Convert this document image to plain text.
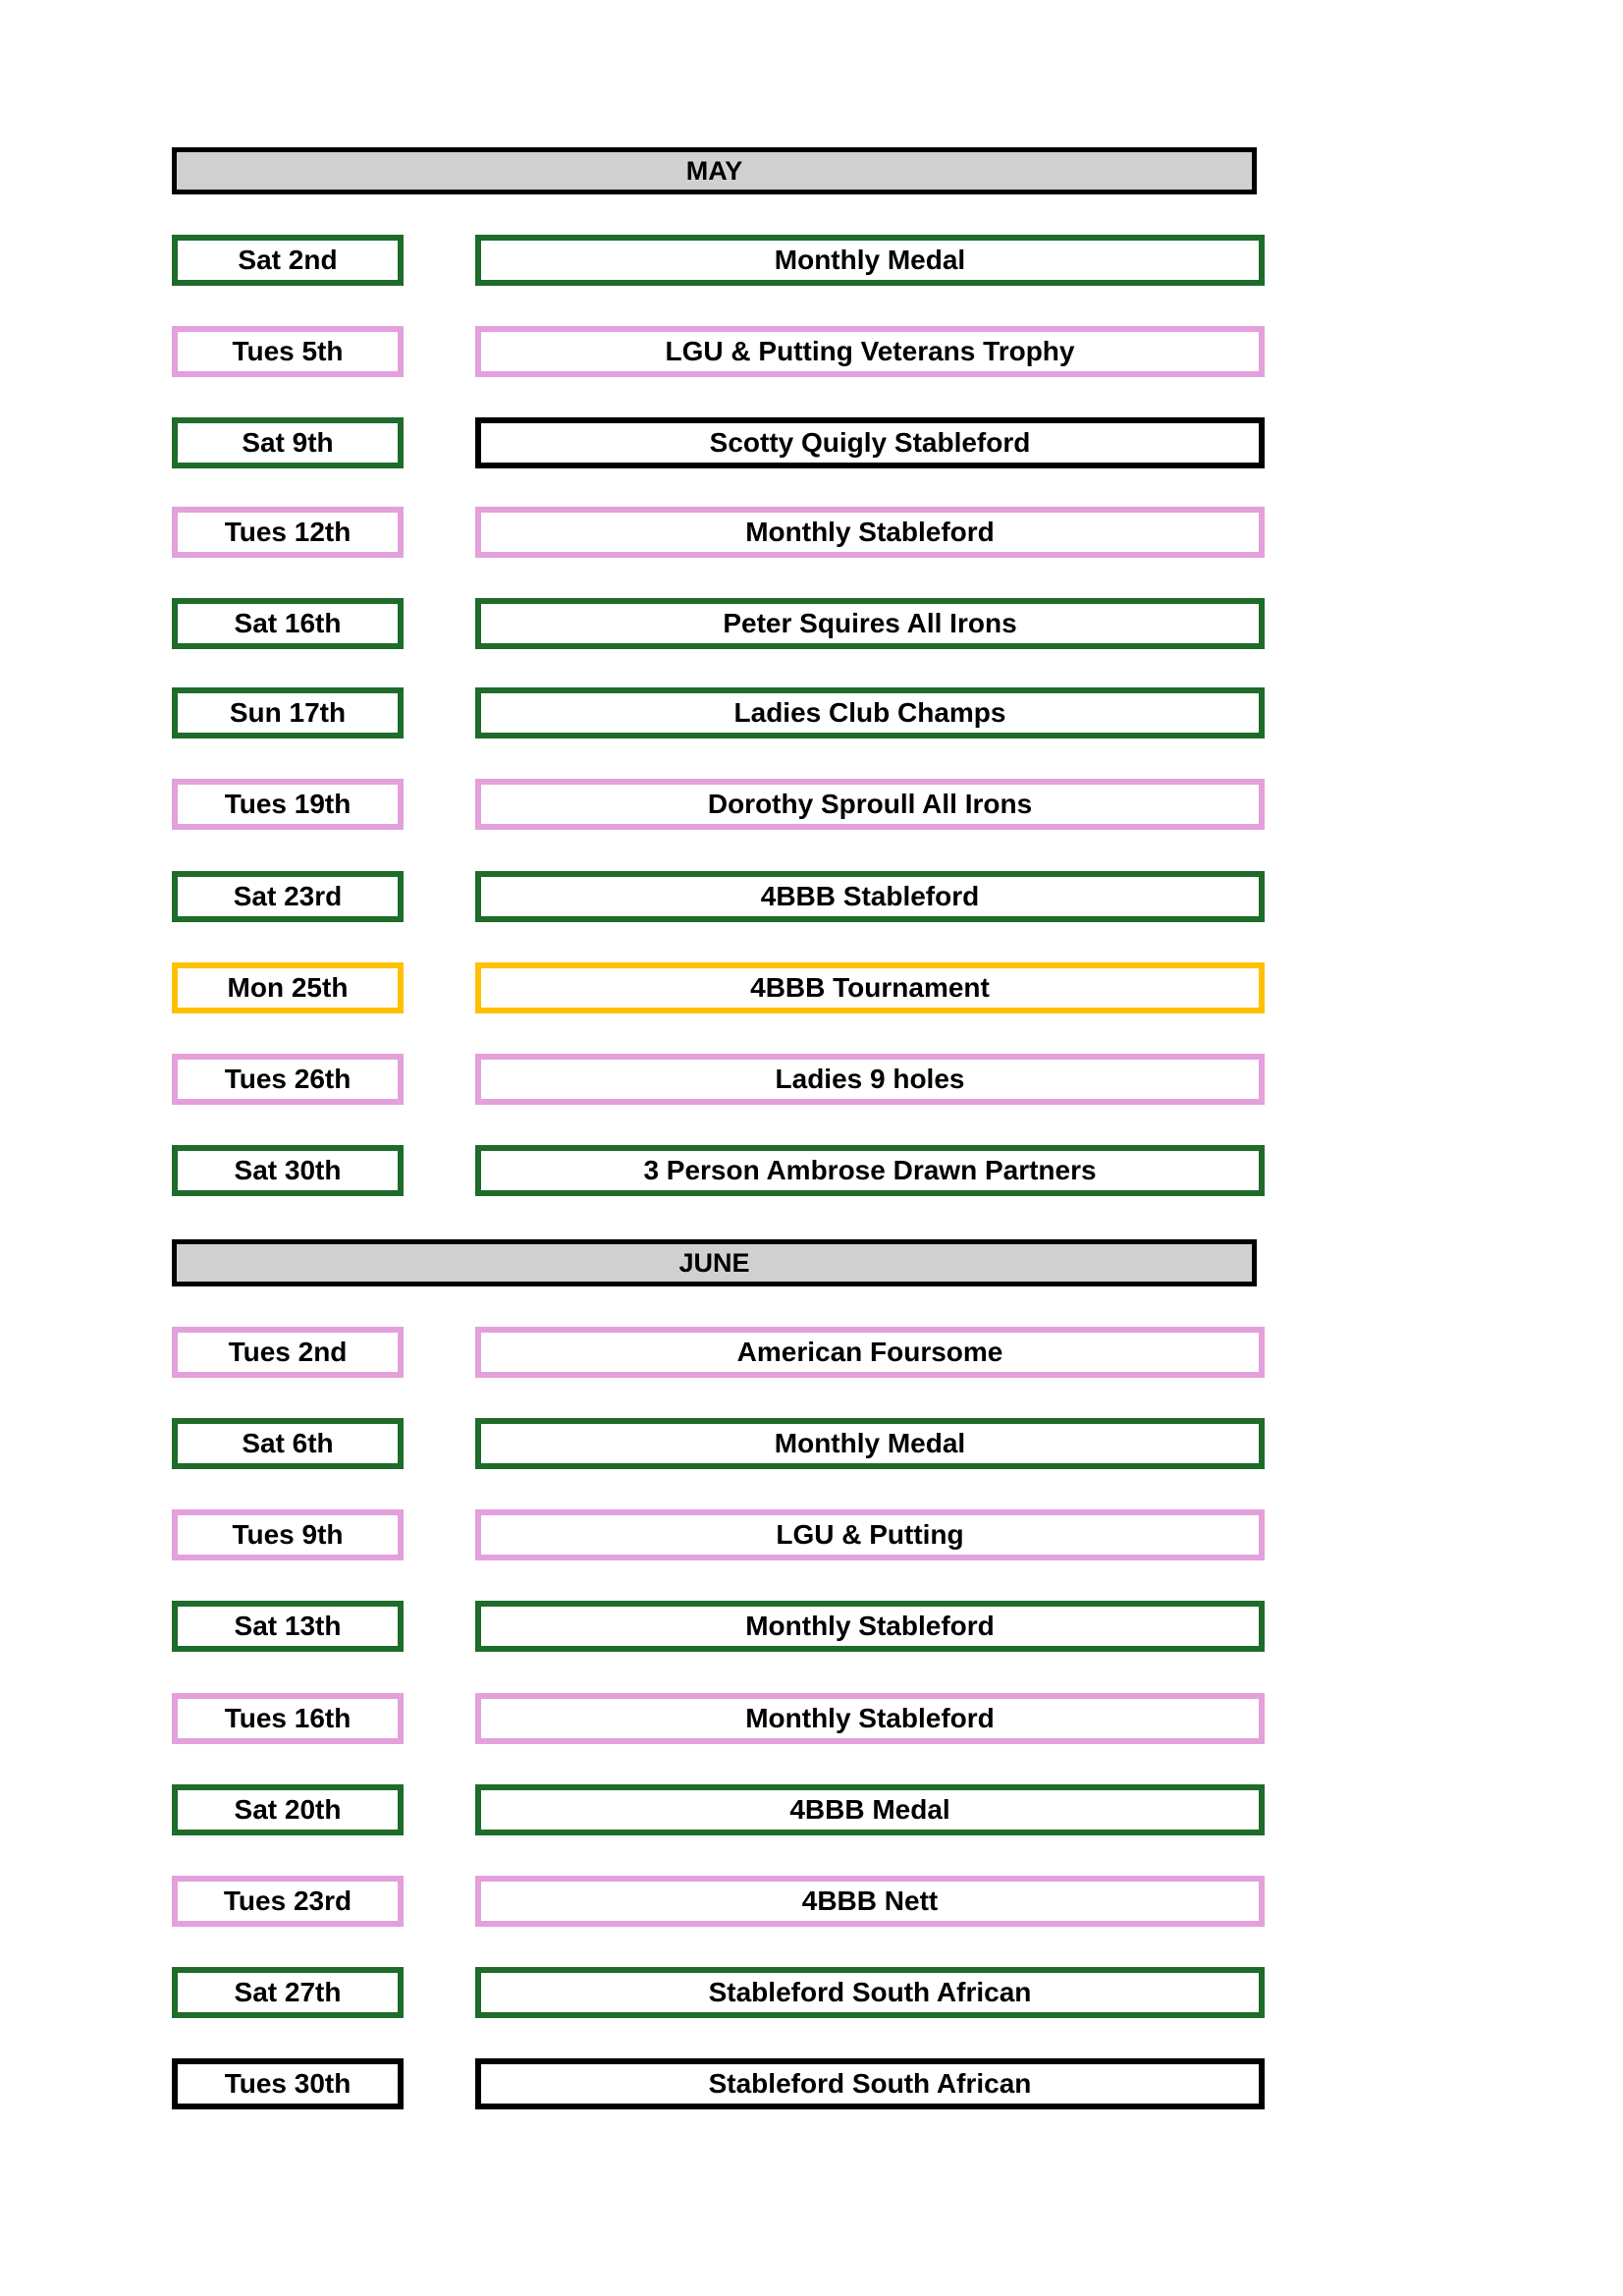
MAY
Sat 2nd	Monthly Medal
Tues 5th	LGU & Putting Veterans Trophy
Sat 9th	Scotty Quigly Stableford
Tues 12th	Monthly Stableford
Sat 16th	Peter Squires All Irons
Sun 17th	Ladies Club Champs
Tues 19th	Dorothy Sproull All Irons
Sat 23rd	4BBB Stableford
Mon 25th	4BBB Tournament
Tues 26th	Ladies 9 holes
Sat 30th	3 Person Ambrose Drawn Partners
JUNE
Tues 2nd	American Foursome
Sat 6th	Monthly Medal
Tues 9th	LGU & Putting
Sat 13th	Monthly Stableford
Tues 16th	Monthly Stableford
Sat 20th	4BBB Medal
Tues 23rd	4BBB Nett
Sat 27th	Stableford South African
Tues 30th	Stableford South African
